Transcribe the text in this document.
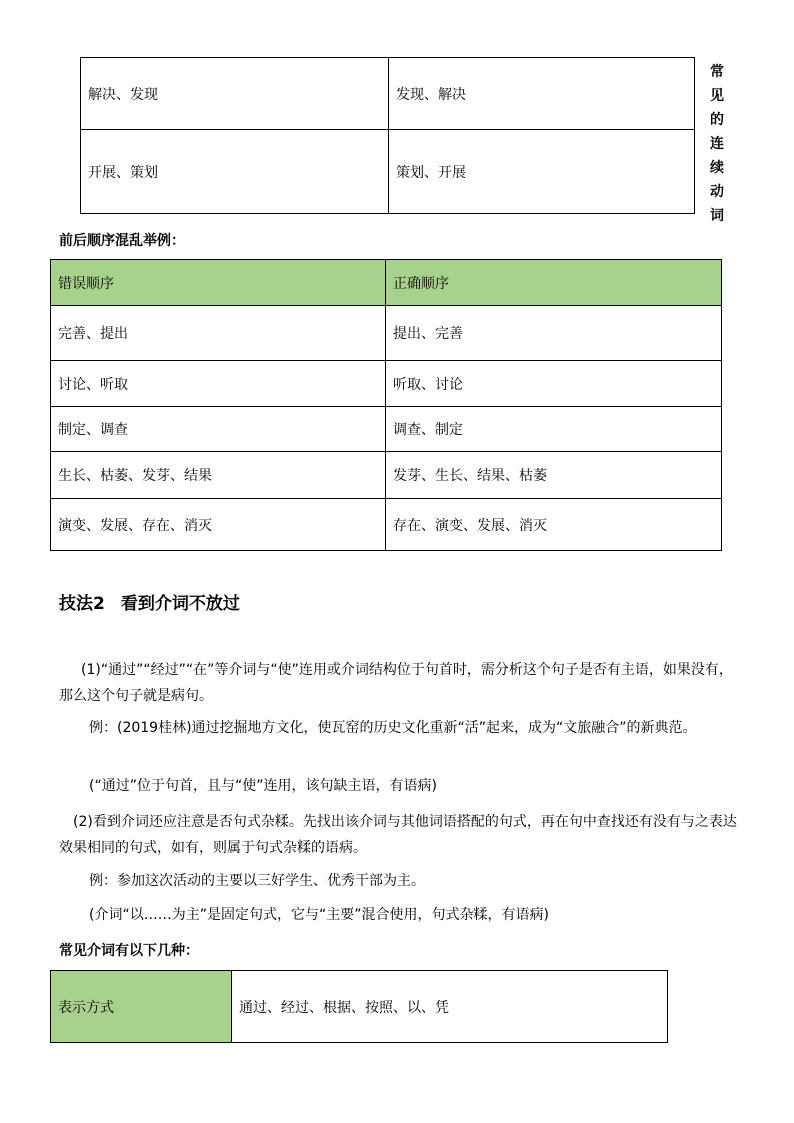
解决、发现	发现、解决
开展、策划	策划、开展
常见的连续动词
前后顺序混乱举例：
错误顺序	正确顺序
完善、提出	提出、完善
讨论、听取	听取、讨论
制定、调查	调查、制定
生长、枯萎、发芽、结果	发芽、生长、结果、枯萎
演变、发展、存在、消灭	存在、演变、发展、消灭
技法2 看到介词不放过

(1)“通过”“经过”“在”等介词与“使”连用或介词结构位于句首时，需分析这个句子是否有主语，如果没有，那么这个句子就是病句。

例：(2019桂林)通过挖掘地方文化，使瓦窑的历史文化重新“活”起来，成为“文旅融合”的新典范。

(“通过”位于句首，且与“使”连用，该句缺主语，有语病)

(2)看到介词还应注意是否句式杂糅。先找出该介词与其他词语搭配的句式，再在句中查找还有没有与之表达效果相同的句式，如有，则属于句式杂糅的语病。

例：参加这次活动的主要以三好学生、优秀干部为主。

(介词“以……为主”是固定句式，它与“主要”混合使用，句式杂糅，有语病)

常见介词有以下几种：
表示方式	通过、经过、根据、按照、以、凭
